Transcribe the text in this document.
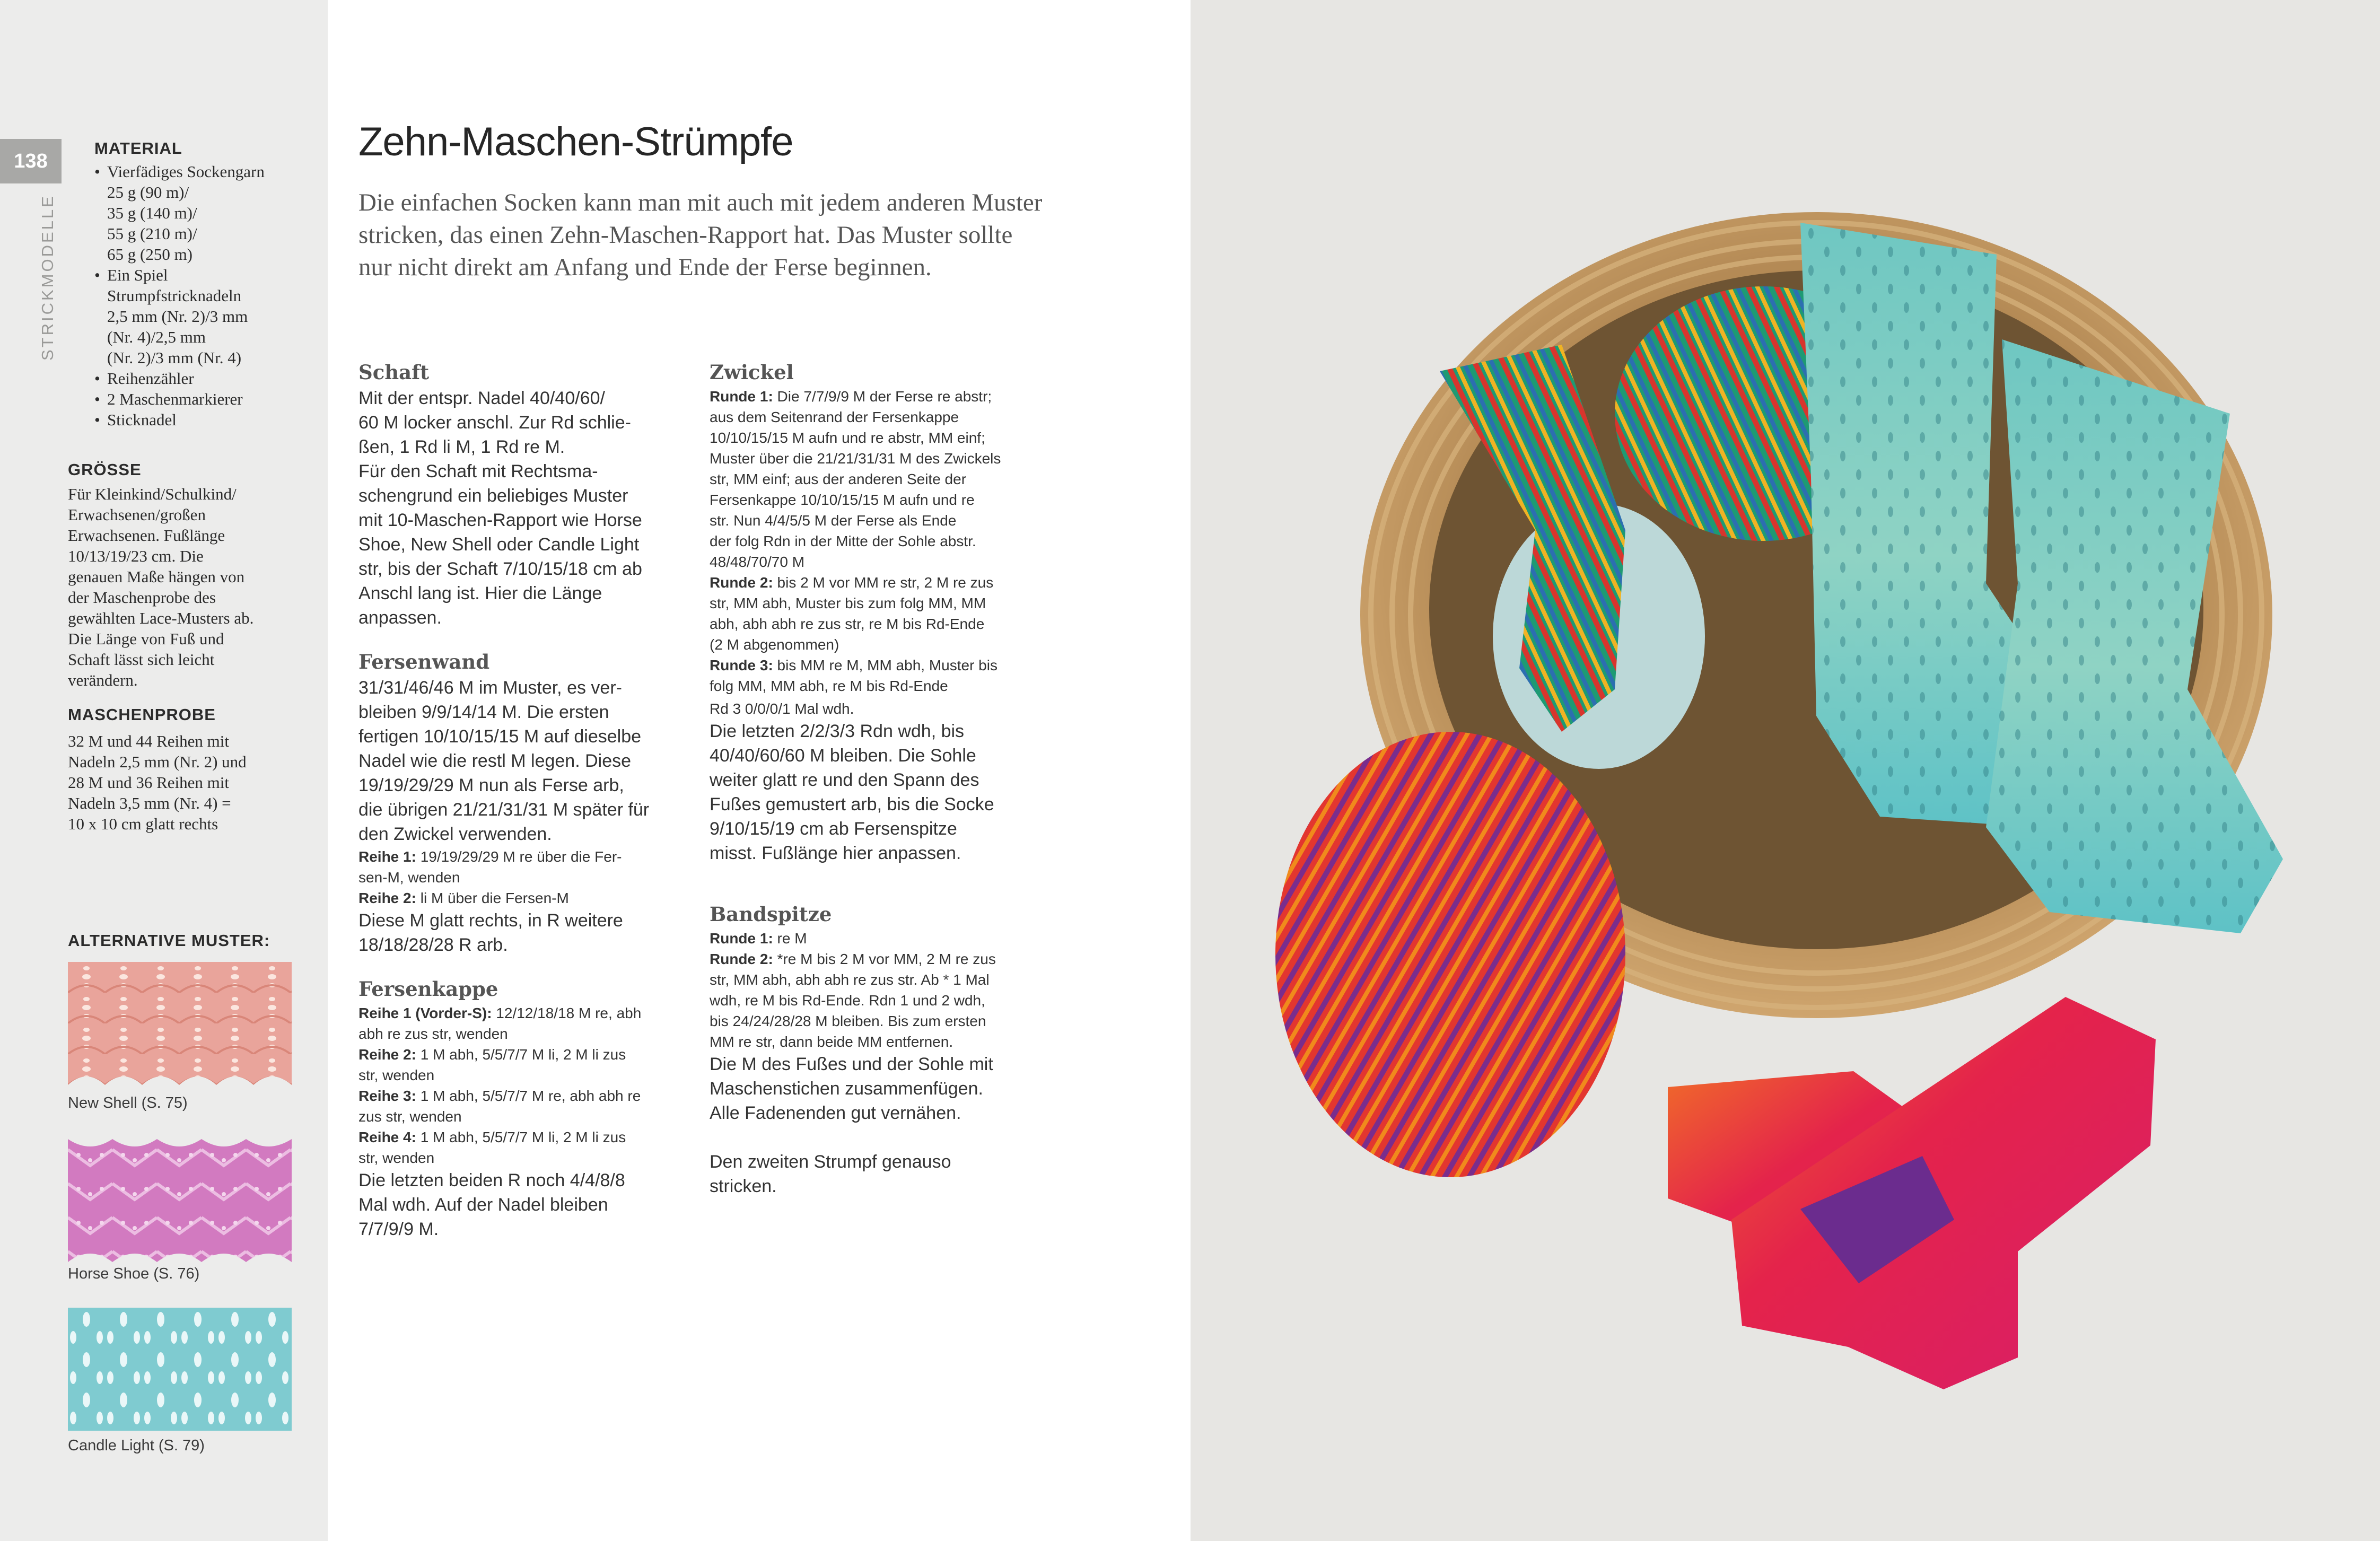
138
STRICKMODELLE
MATERIAL
• Vierfädiges Sockengarn
25 g (90 m)/
35 g (140 m)/
55 g (210 m)/
65 g (250 m)
• Ein Spiel
Strumpfstricknadeln
2,5 mm (Nr. 2)/3 mm
(Nr. 4)/2,5 mm
(Nr. 2)/3 mm (Nr. 4)
• Reihenzähler
• 2 Maschenmarkierer
• Sticknadel
GRÖSSE
Für Kleinkind/Schulkind/
Erwachsenen/großen
Erwachsenen. Fußlänge
10/13/19/23 cm. Die
genauen Maße hängen von
der Maschenprobe des
gewählten Lace-Musters ab.
Die Länge von Fuß und
Schaft lässt sich leicht
verändern.
MASCHENPROBE
32 M und 44 Reihen mit
Nadeln 2,5 mm (Nr. 2) und
28 M und 36 Reihen mit
Nadeln 3,5 mm (Nr. 4) =
10 x 10 cm glatt rechts
ALTERNATIVE MUSTER:
New Shell (S. 75)
Horse Shoe (S. 76)
Candle Light (S. 79)
Zehn-Maschen-Strümpfe
Die einfachen Socken kann man mit auch mit jedem anderen Muster stricken, das einen Zehn-Maschen-Rapport hat. Das Muster sollte nur nicht direkt am Anfang und Ende der Ferse beginnen.
Schaft

Mit der entspr. Nadel 40/40/60/
60 M locker anschl. Zur Rd schlie-
ßen, 1 Rd li M, 1 Rd re M.
Für den Schaft mit Rechtsma-
schengrund ein beliebiges Muster
mit 10-Maschen-Rapport wie Horse
Shoe, New Shell oder Candle Light
str, bis der Schaft 7/10/15/18 cm ab
Anschl lang ist. Hier die Länge
anpassen.

Fersenwand

31/31/46/46 M im Muster, es ver-
bleiben 9/9/14/14 M. Die ersten
fertigen 10/10/15/15 M auf dieselbe
Nadel wie die restl M legen. Diese
19/19/29/29 M nun als Ferse arb,
die übrigen 21/21/31/31 M später für
den Zwickel verwenden.

Reihe 1: 19/19/29/29 M re über die Fer-
sen-M, wenden

Reihe 2: li M über die Fersen-M

Diese M glatt rechts, in R weitere
18/18/28/28 R arb.

Fersenkappe

Reihe 1 (Vorder-S): 12/12/18/18 M re, abh
abh re zus str, wenden

Reihe 2: 1 M abh, 5/5/7/7 M li, 2 M li zus
str, wenden

Reihe 3: 1 M abh, 5/5/7/7 M re, abh abh re
zus str, wenden

Reihe 4: 1 M abh, 5/5/7/7 M li, 2 M li zus
str, wenden

Die letzten beiden R noch 4/4/8/8
Mal wdh. Auf der Nadel bleiben
7/7/9/9 M.

Zwickel

Runde 1: Die 7/7/9/9 M der Ferse re abstr;
aus dem Seitenrand der Fersenkappe
10/10/15/15 M aufn und re abstr, MM einf;
Muster über die 21/21/31/31 M des Zwickels
str, MM einf; aus der anderen Seite der
Fersenkappe 10/10/15/15 M aufn und re
str. Nun 4/4/5/5 M der Ferse als Ende
der folg Rdn in der Mitte der Sohle abstr.
48/48/70/70 M

Runde 2: bis 2 M vor MM re str, 2 M re zus
str, MM abh, Muster bis zum folg MM, MM
abh, abh abh re zus str, re M bis Rd-Ende
(2 M abgenommen)

Runde 3: bis MM re M, MM abh, Muster bis
folg MM, MM abh, re M bis Rd-Ende

Rd 3 0/0/0/1 Mal wdh.

Die letzten 2/2/3/3 Rdn wdh, bis
40/40/60/60 M bleiben. Die Sohle
weiter glatt re und den Spann des
Fußes gemustert arb, bis die Socke
9/10/15/19 cm ab Fersenspitze
misst. Fußlänge hier anpassen.

Bandspitze

Runde 1: re M

Runde 2: *re M bis 2 M vor MM, 2 M re zus
str, MM abh, abh abh re zus str. Ab * 1 Mal
wdh, re M bis Rd-Ende. Rdn 1 und 2 wdh,
bis 24/24/28/28 M bleiben. Bis zum ersten
MM re str, dann beide MM entfernen.

Die M des Fußes und der Sohle mit
Maschenstichen zusammenfügen.
Alle Fadenenden gut vernähen.

Den zweiten Strumpf genauso
stricken.
